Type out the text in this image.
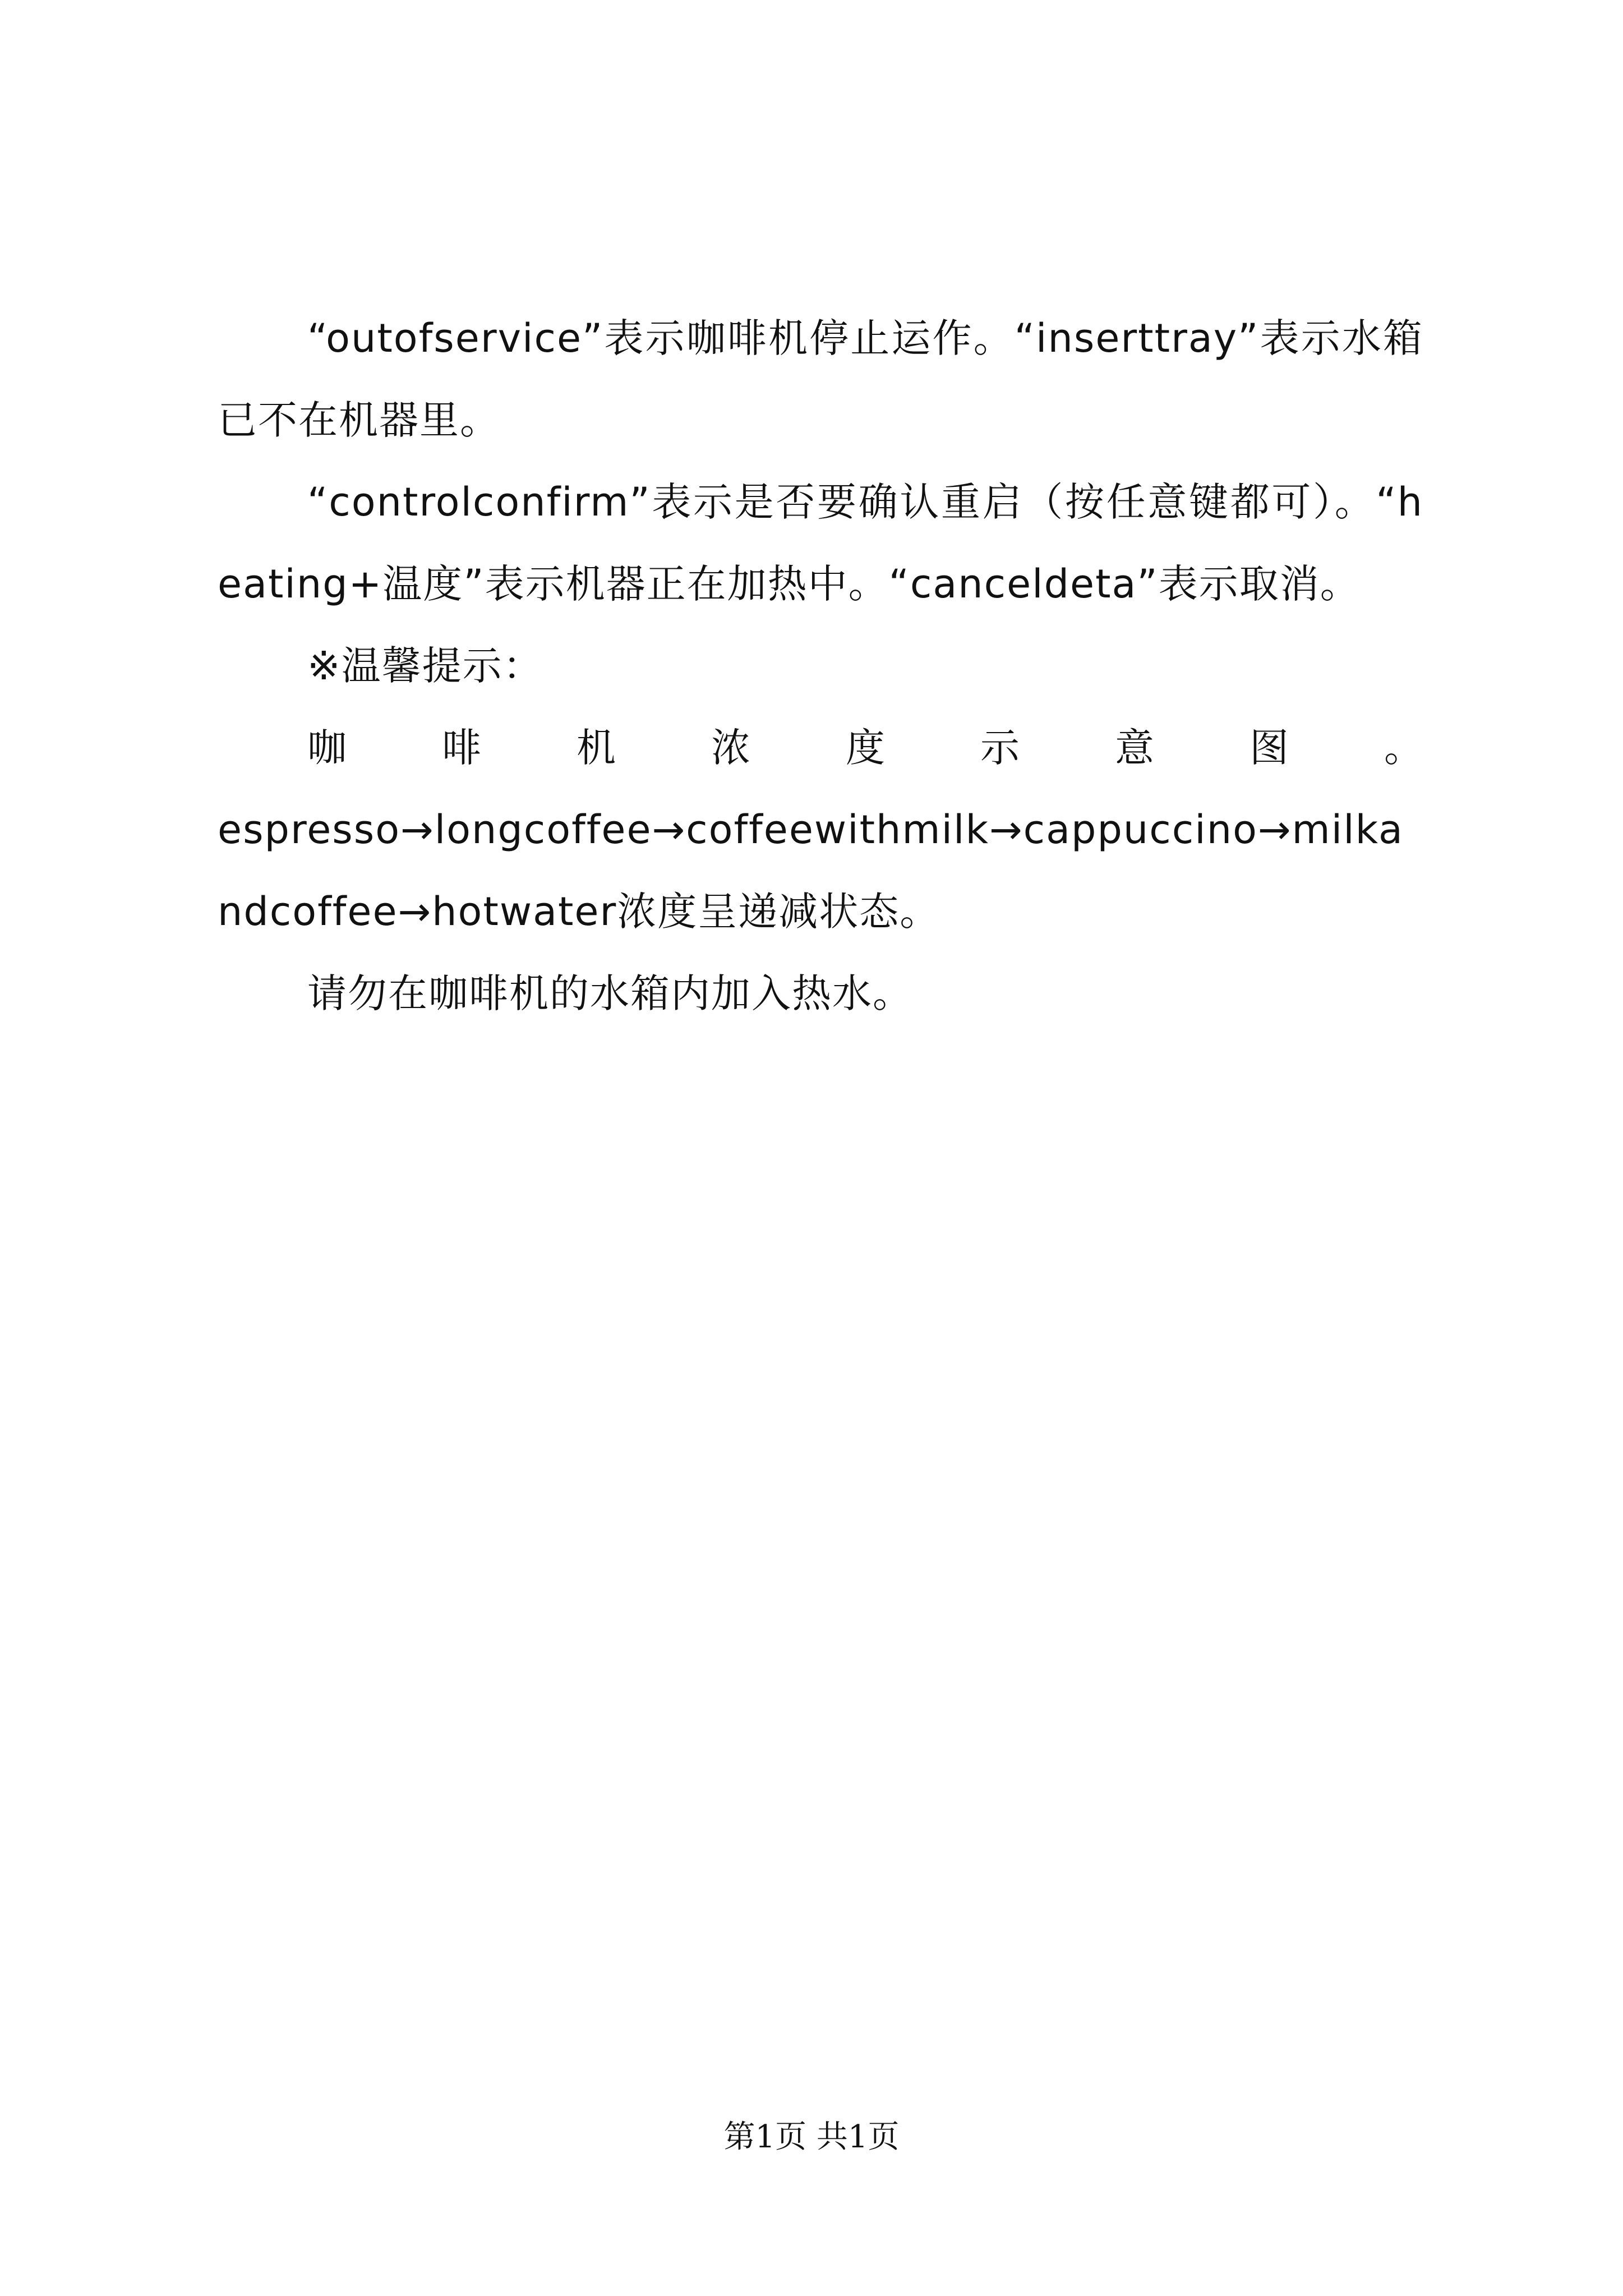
“outofservice”表示咖啡机停止运作。“inserttray”表示水箱已不在机器里。

“controlconfirm”表示是否要确认重启（按任意键都可）。“heating+温度”表示机器正在加热中。“canceldeta”表示取消。

※温馨提示：

咖啡机浓度示意图。

espresso→longcoffee→coffeewithmilk→cappuccino→milkandcoffee→hotwater浓度呈递减状态。

请勿在咖啡机的水箱内加入热水。

第1页 共1页
